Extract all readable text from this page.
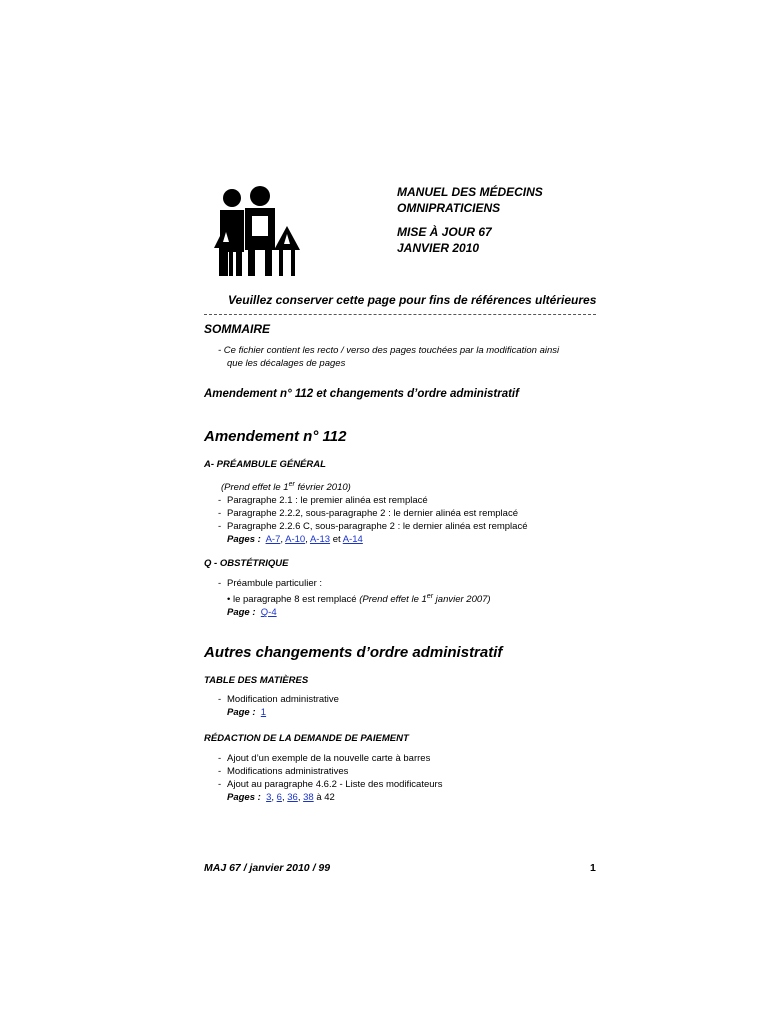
MANUEL DES MÉDECINS
OMNIPRATICIENS
MISE À JOUR 67
JANVIER 2010
Veuillez conserver cette page pour fins de références ultérieures
SOMMAIRE
- Ce fichier contient les recto / verso des pages touchées par la modification ainsi
que les décalages de pages
Amendement n° 112 et changements d’ordre administratif
Amendement n° 112
A- PRÉAMBULE GÉNÉRAL
(Prend effet le 1er février 2010)
- Paragraphe 2.1 : le premier alinéa est remplacé
- Paragraphe 2.2.2, sous-paragraphe 2 : le dernier alinéa est remplacé
- Paragraphe 2.2.6 C, sous-paragraphe 2 : le dernier alinéa est remplacé
Pages : A-7, A-10, A-13 et A-14
Q - OBSTÉTRIQUE
- Préambule particulier :
• le paragraphe 8 est remplacé (Prend effet le 1er janvier 2007)
Page : Q-4
Autres changements d’ordre administratif
TABLE DES MATIÈRES
- Modification administrative
Page : 1
RÉDACTION DE LA DEMANDE DE PAIEMENT
- Ajout d’un exemple de la nouvelle carte à barres
- Modifications administratives
- Ajout au paragraphe 4.6.2 - Liste des modificateurs
Pages : 3, 6, 36, 38 à 42
MAJ 67 / janvier 2010 / 99	1
